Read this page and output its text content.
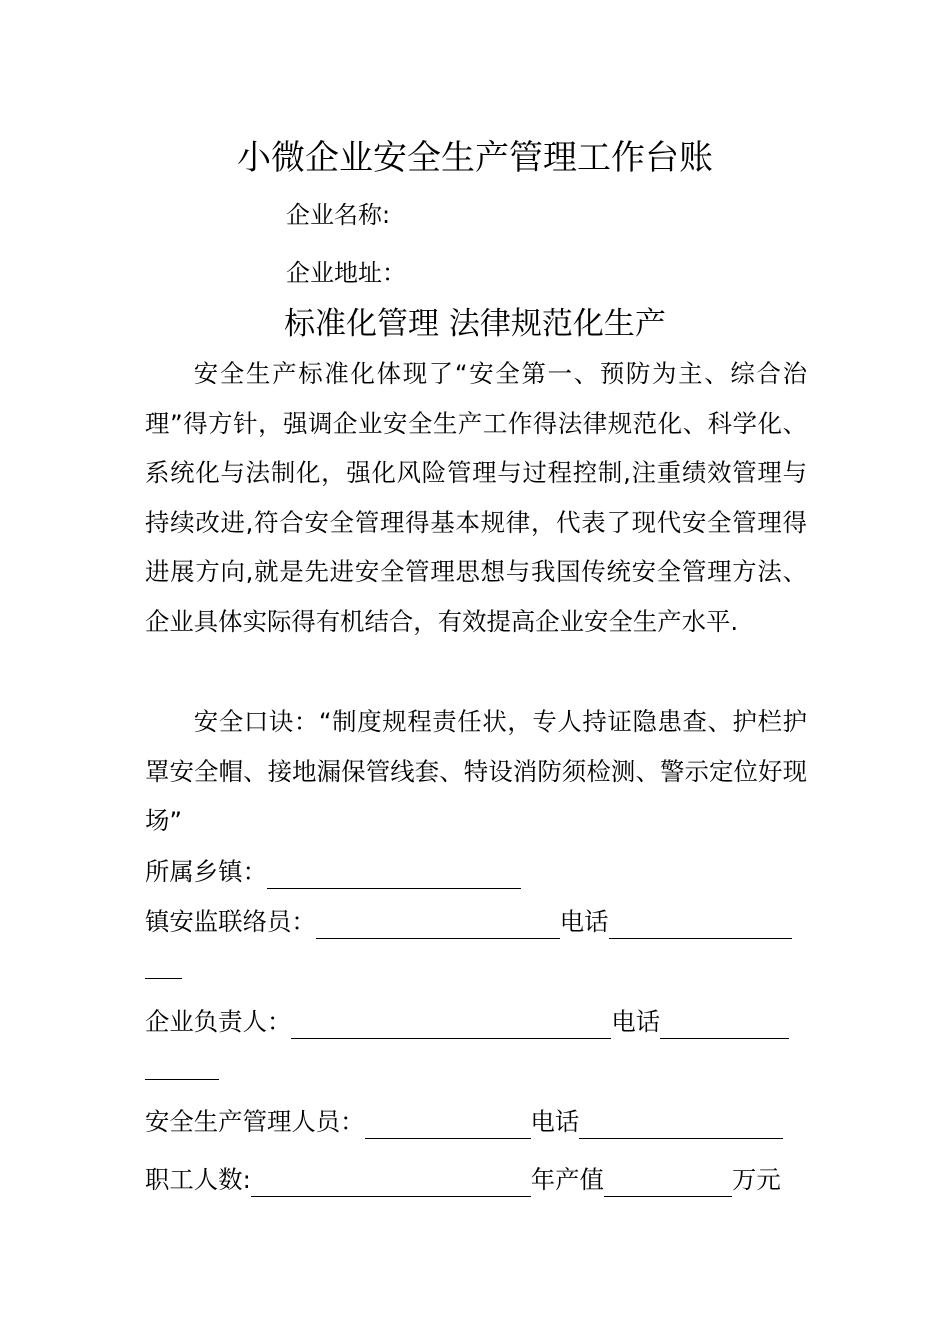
小微企业安全生产管理工作台账
企业名称:
企业地址：
标准化管理 法律规范化生产

安全生产标准化体现了“安全第一、预防为主、综合治理”得方针，强调企业安全生产工作得法律规范化、科学化、系统化与法制化，强化风险管理与过程控制,注重绩效管理与持续改进,符合安全管理得基本规律，代表了现代安全管理得进展方向,就是先进安全管理思想与我国传统安全管理方法、企业具体实际得有机结合，有效提高企业安全生产水平.

安全口诀：“制度规程责任状，专人持证隐患查、护栏护罩安全帽、接地漏保管线套、特设消防须检测、警示定位好现场”

所属乡镇：
镇安监联络员：	电话
企业负责人：	电话
安全生产管理人员：	电话
职工人数:	年产值	万元
